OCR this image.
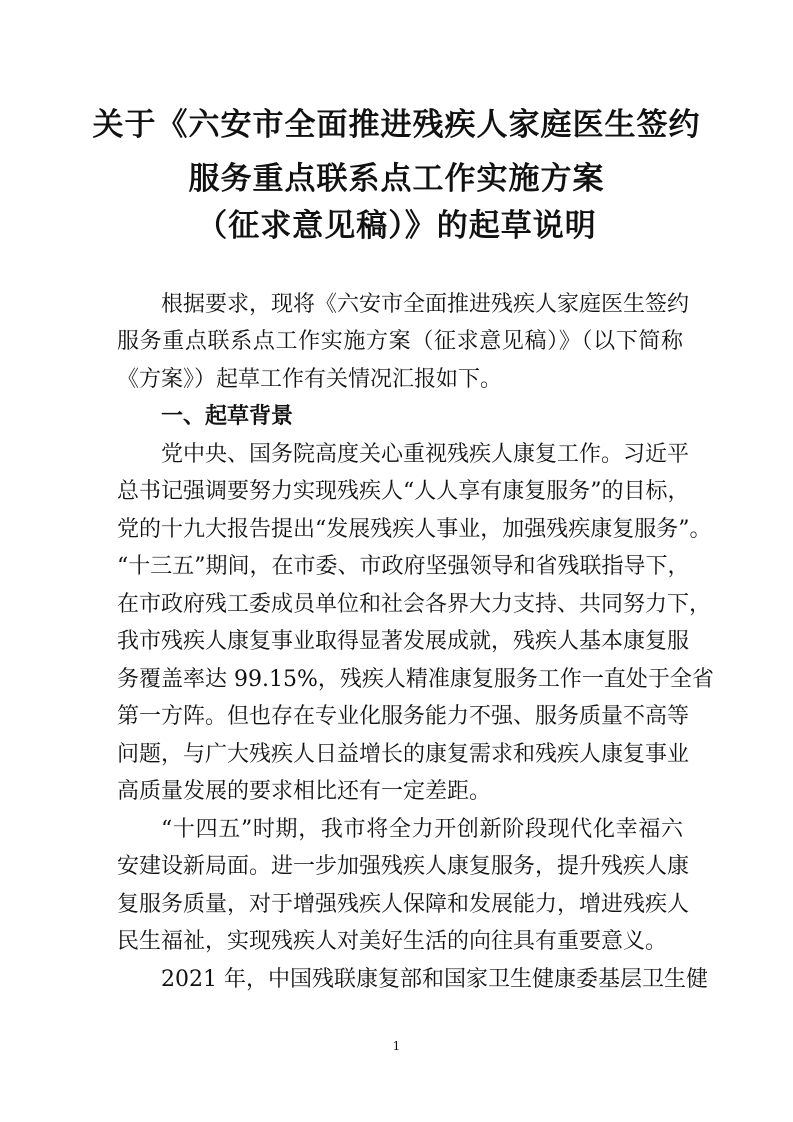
关于《六安市全面推进残疾人家庭医生签约
服务重点联系点工作实施方案
（征求意见稿）》的起草说明
根据要求，现将《六安市全面推进残疾人家庭医生签约
服务重点联系点工作实施方案（征求意见稿）》（以下简称
《方案》）起草工作有关情况汇报如下。
一、起草背景
党中央、国务院高度关心重视残疾人康复工作。习近平
总书记强调要努力实现残疾人“人人享有康复服务”的目标，
党的十九大报告提出“发展残疾人事业，加强残疾康复服务”。
“十三五”期间，在市委、市政府坚强领导和省残联指导下，
在市政府残工委成员单位和社会各界大力支持、共同努力下，
我市残疾人康复事业取得显著发展成就，残疾人基本康复服
务覆盖率达 99.15%，残疾人精准康复服务工作一直处于全省
第一方阵。但也存在专业化服务能力不强、服务质量不高等
问题，与广大残疾人日益增长的康复需求和残疾人康复事业
高质量发展的要求相比还有一定差距。
“十四五”时期，我市将全力开创新阶段现代化幸福六
安建设新局面。进一步加强残疾人康复服务，提升残疾人康
复服务质量，对于增强残疾人保障和发展能力，增进残疾人
民生福祉，实现残疾人对美好生活的向往具有重要意义。
2021 年，中国残联康复部和国家卫生健康委基层卫生健
1
